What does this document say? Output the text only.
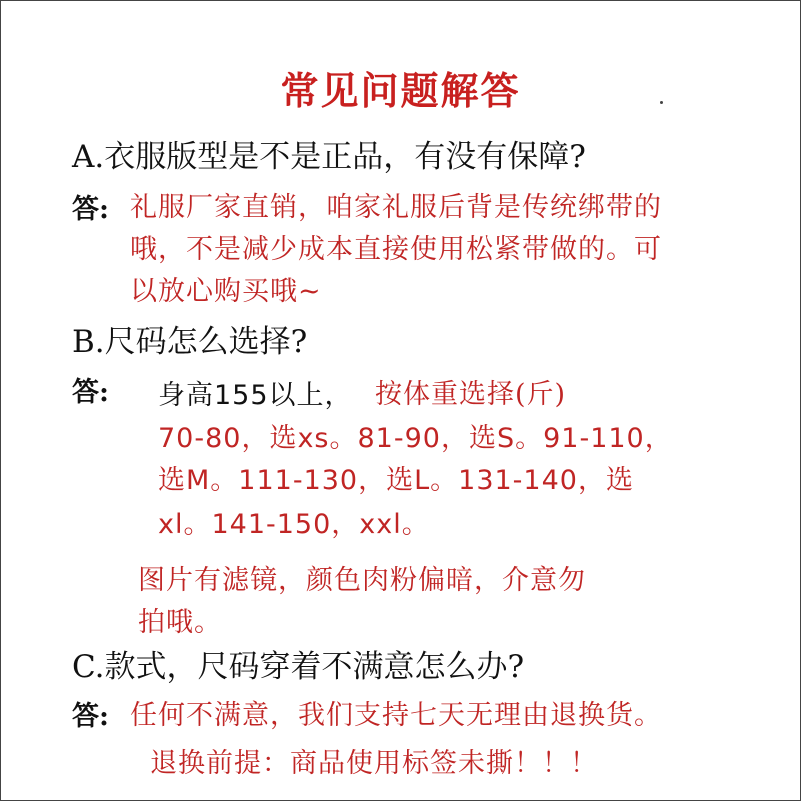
常见问题解答
A.衣服版型是不是正品，有没有保障?
答: 礼服厂家直销，咱家礼服后背是传统绑带的
哦，不是减少成本直接使用松紧带做的。可
以放心购买哦~
B.尺码怎么选择?
答: 身高155以上， 按体重选择(斤)
70-80，选xs。81-90，选S。91-110，
选M。111-130，选L。131-140，选
xl。141-150，xxl。
图片有滤镜，颜色肉粉偏暗，介意勿
拍哦。
C.款式，尺码穿着不满意怎么办?
答: 任何不满意，我们支持七天无理由退换货。
退换前提：商品使用标签未撕！！！
